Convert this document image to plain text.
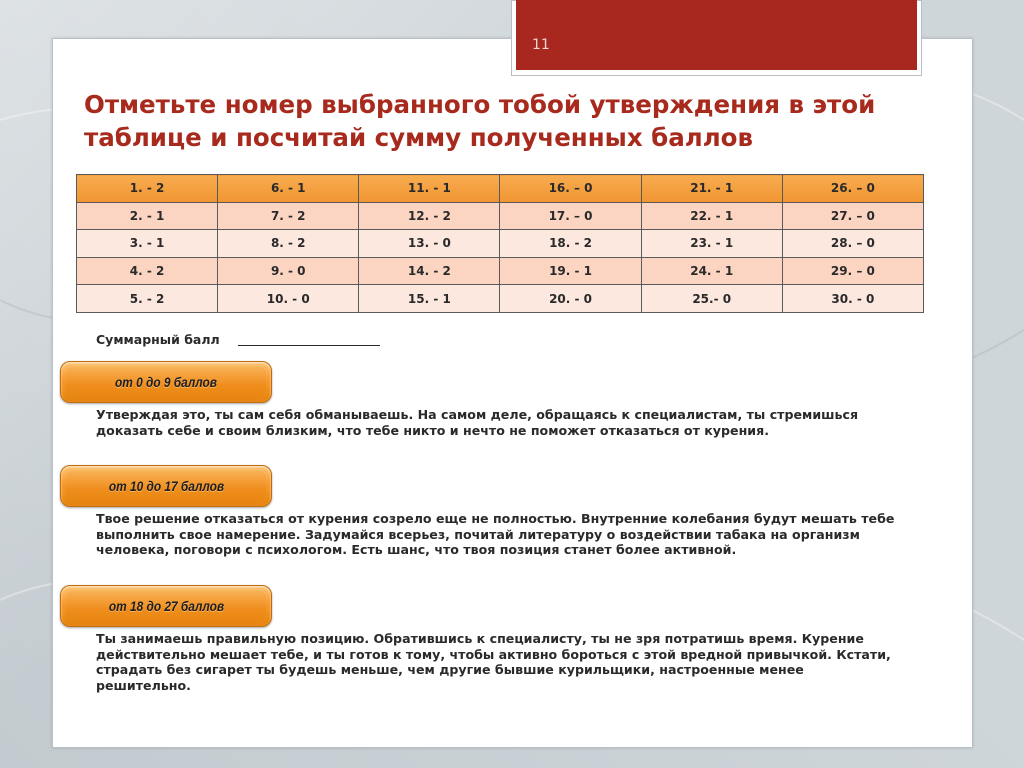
11
Отметьте номер выбранного тобой утверждения в этой таблице и посчитай сумму полученных баллов
1. - 2	6. - 1	11. - 1	16. – 0	21. - 1	26. – 0
2. - 1	7. - 2	12. - 2	17. – 0	22. - 1	27. – 0
3. - 1	8. - 2	13. - 0	18. - 2	23. - 1	28. – 0
4. - 2	9. - 0	14. - 2	19. - 1	24. - 1	29. – 0
5. - 2	10. - 0	15. - 1	20. - 0	25.- 0	30. - 0
Суммарный балл
от 0 до 9 баллов
Утверждая это, ты сам себя обманываешь. На самом деле, обращаясь к специалистам, ты стремишься доказать себе и своим близким, что тебе никто и нечто не поможет отказаться от курения.
от 10 до 17 баллов
Твое решение отказаться от курения созрело еще не полностью. Внутренние колебания будут мешать тебе выполнить свое намерение. Задумайся всерьез, почитай литературу о воздействии табака на организм человека, поговори с психологом. Есть шанс, что твоя позиция станет более активной.
от 18 до 27 баллов
Ты занимаешь правильную позицию. Обратившись к специалисту, ты не зря потратишь время. Курение действительно мешает тебе, и ты готов к тому, чтобы активно бороться с этой вредной привычкой. Кстати, страдать без сигарет ты будешь меньше, чем другие бывшие курильщики, настроенные менее решительно.
